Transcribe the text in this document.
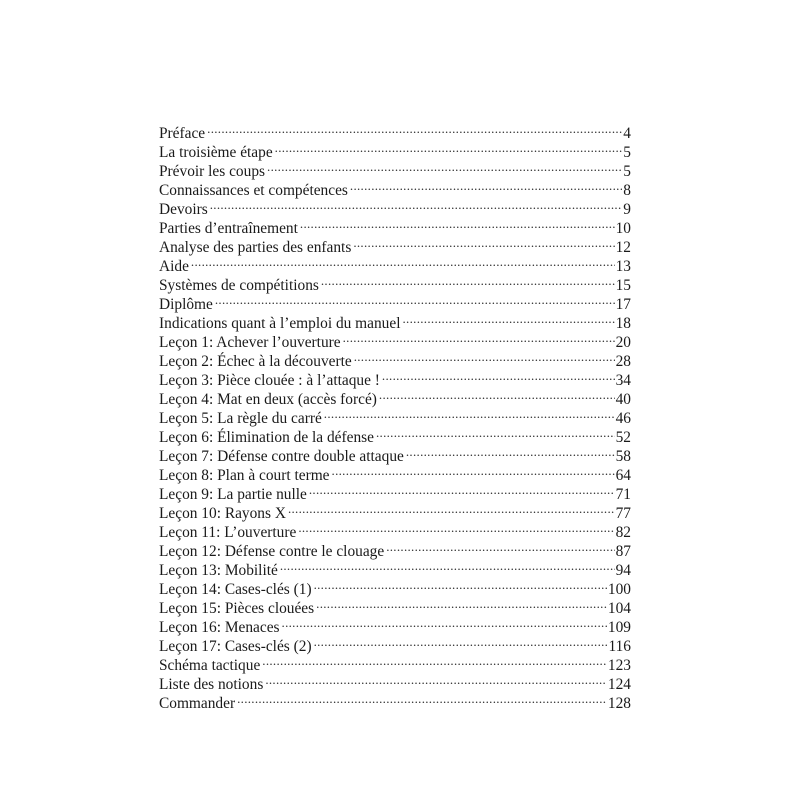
Préface .....	4
La troisième étape .....	5
Prévoir les coups .....	5
Connaissances et compétences .....	8
Devoirs .....	9
Parties d’entraînement .....	10
Analyse des parties des enfants .....	12
Aide .....	13
Systèmes de compétitions .....	15
Diplôme .....	17
Indications quant à l’emploi du manuel .....	18
Leçon 1: Achever l’ouverture .....	20
Leçon 2: Échec à la découverte .....	28
Leçon 3: Pièce clouée : à l’attaque ! .....	34
Leçon 4: Mat en deux (accès forcé) .....	40
Leçon 5: La règle du carré .....	46
Leçon 6: Élimination de la défense .....	52
Leçon 7: Défense contre double attaque .....	58
Leçon 8: Plan à court terme .....	64
Leçon 9: La partie nulle .....	71
Leçon 10: Rayons X .....	77
Leçon 11: L’ouverture .....	82
Leçon 12: Défense contre le clouage .....	87
Leçon 13: Mobilité .....	94
Leçon 14: Cases-clés (1) .....	100
Leçon 15: Pièces clouées .....	104
Leçon 16: Menaces .....	109
Leçon 17: Cases-clés (2) .....	116
Schéma tactique .....	123
Liste des notions .....	124
Commander .....	128
